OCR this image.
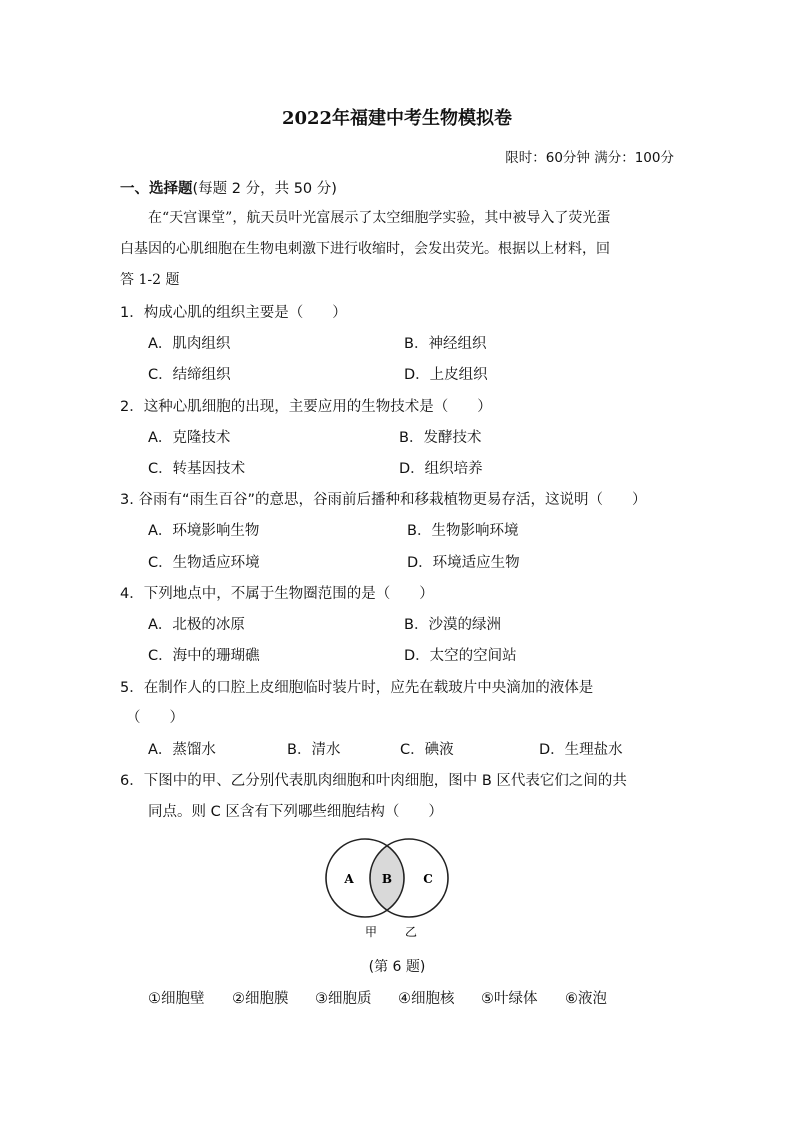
2022年福建中考生物模拟卷
限时：60分钟 满分：100分
一、选择题(每题 2 分，共 50 分)
在“天宫课堂”，航天员叶光富展示了太空细胞学实验，其中被导入了荧光蛋
白基因的心肌细胞在生物电刺激下进行收缩时，会发出荧光。根据以上材料，回
答 1-2 题
1．构成心肌的组织主要是（　　）
A．肌肉组织	B．神经组织
C．结缔组织	D．上皮组织
2．这种心肌细胞的出现，主要应用的生物技术是（　　）
A．克隆技术	B．发酵技术
C．转基因技术	D．组织培养
3. 谷雨有“雨生百谷”的意思，谷雨前后播种和移栽植物更易存活，这说明（　　）
A．环境影响生物	B．生物影响环境
C．生物适应环境	D．环境适应生物
4．下列地点中，不属于生物圈范围的是（　　）
A．北极的冰原	B．沙漠的绿洲
C．海中的珊瑚礁	D．太空的空间站
5．在制作人的口腔上皮细胞临时装片时，应先在载玻片中央滴加的液体是
（　　）
A．蒸馏水	B．清水	C．碘液	D．生理盐水
6．下图中的甲、乙分别代表肌肉细胞和叶肉细胞，图中 B 区代表它们之间的共
同点。则 C 区含有下列哪些细胞结构（　　）
A B	C
甲 乙
(第 6 题)
①细胞壁 ②细胞膜 ③细胞质 ④细胞核 ⑤叶绿体 ⑥液泡
